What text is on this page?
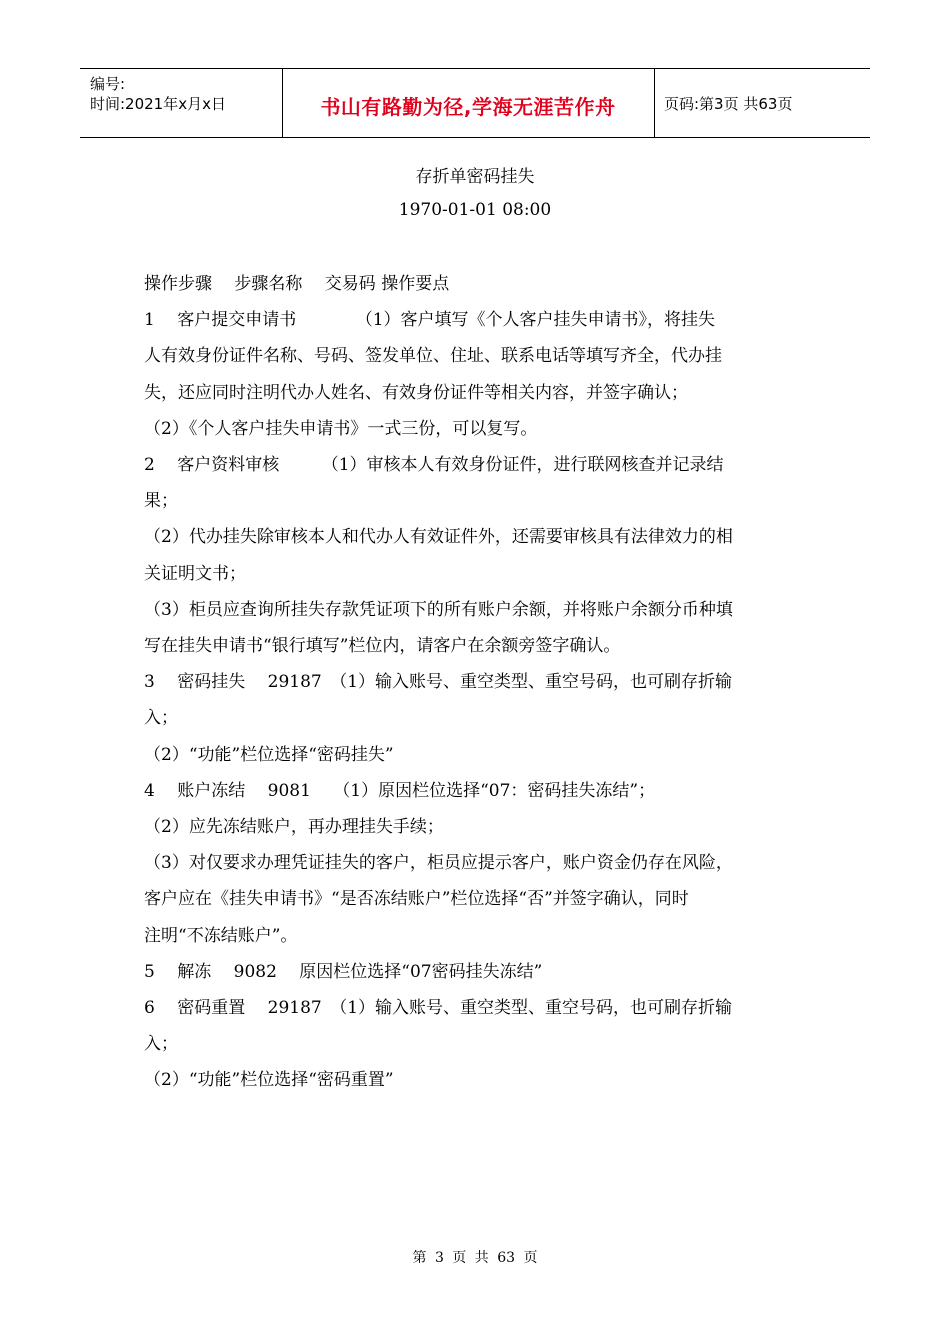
编号:
时间:2021年x月x日	书山有路勤为径,学海无涯苦作舟	页码:第3页 共63页
存折单密码挂失
1970-01-01 08:00

操作步骤　 步骤名称　 交易码 操作要点

1　 客户提交申请书　　　　（1）客户填写《个人客户挂失申请书》，将挂失

人有效身份证件名称、号码、签发单位、住址、联系电话等填写齐全，代办挂

失，还应同时注明代办人姓名、有效身份证件等相关内容，并签字确认；

（2）《个人客户挂失申请书》一式三份，可以复写。

2　 客户资料审核　　　（1）审核本人有效身份证件，进行联网核查并记录结

果；

（2）代办挂失除审核本人和代办人有效证件外，还需要审核具有法律效力的相

关证明文书；

（3）柜员应查询所挂失存款凭证项下的所有账户余额，并将账户余额分币种填

写在挂失申请书“银行填写”栏位内，请客户在余额旁签字确认。

3　 密码挂失　 29187　（1）输入账号、重空类型、重空号码，也可刷存折输

入；

（2）“功能”栏位选择“密码挂失”

4　 账户冻结　 9081　 （1）原因栏位选择“07：密码挂失冻结”；

（2）应先冻结账户，再办理挂失手续；

（3）对仅要求办理凭证挂失的客户，柜员应提示客户，账户资金仍存在风险，

客户应在《挂失申请书》“是否冻结账户”栏位选择“否”并签字确认，同时

注明“不冻结账户”。

5　 解冻　 9082　 原因栏位选择“07密码挂失冻结”

6　 密码重置　 29187　（1）输入账号、重空类型、重空号码，也可刷存折输

入；

（2）“功能”栏位选择“密码重置”

第 3 页 共 63 页
